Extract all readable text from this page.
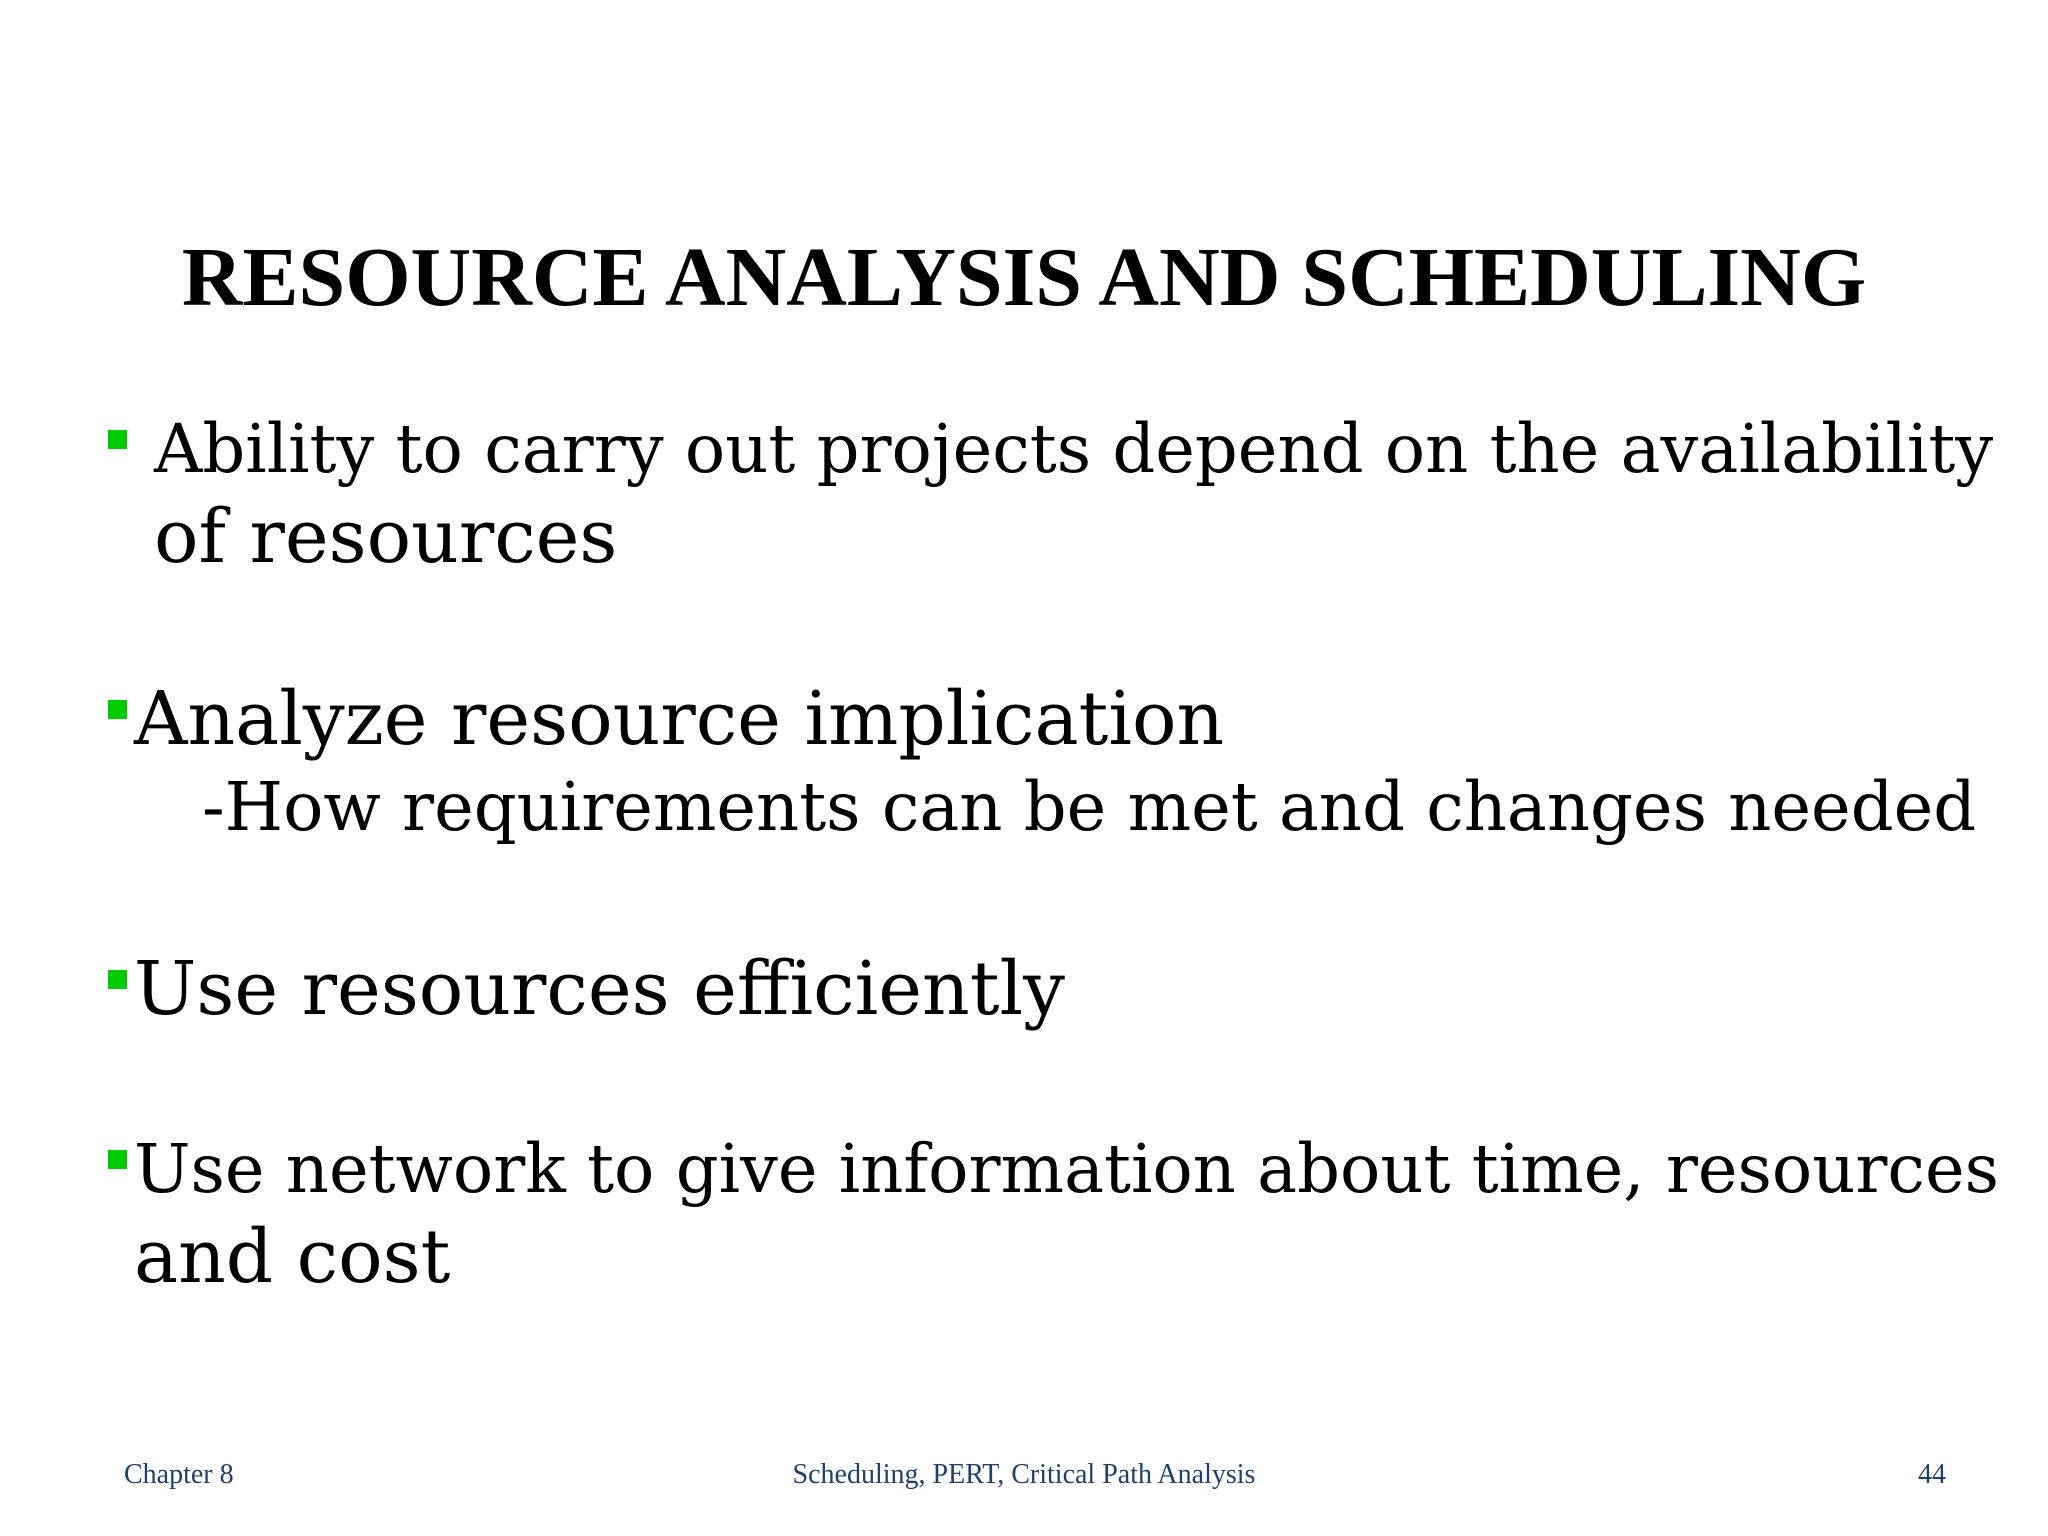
RESOURCE ANALYSIS AND SCHEDULING
Ability to carry out projects depend on the availability
of resources
Analyze resource implication
-How requirements can be met and changes needed
Use resources efficiently
Use network to give information about time, resources
and cost
Chapter 8	Scheduling, PERT, Critical Path Analysis	44
